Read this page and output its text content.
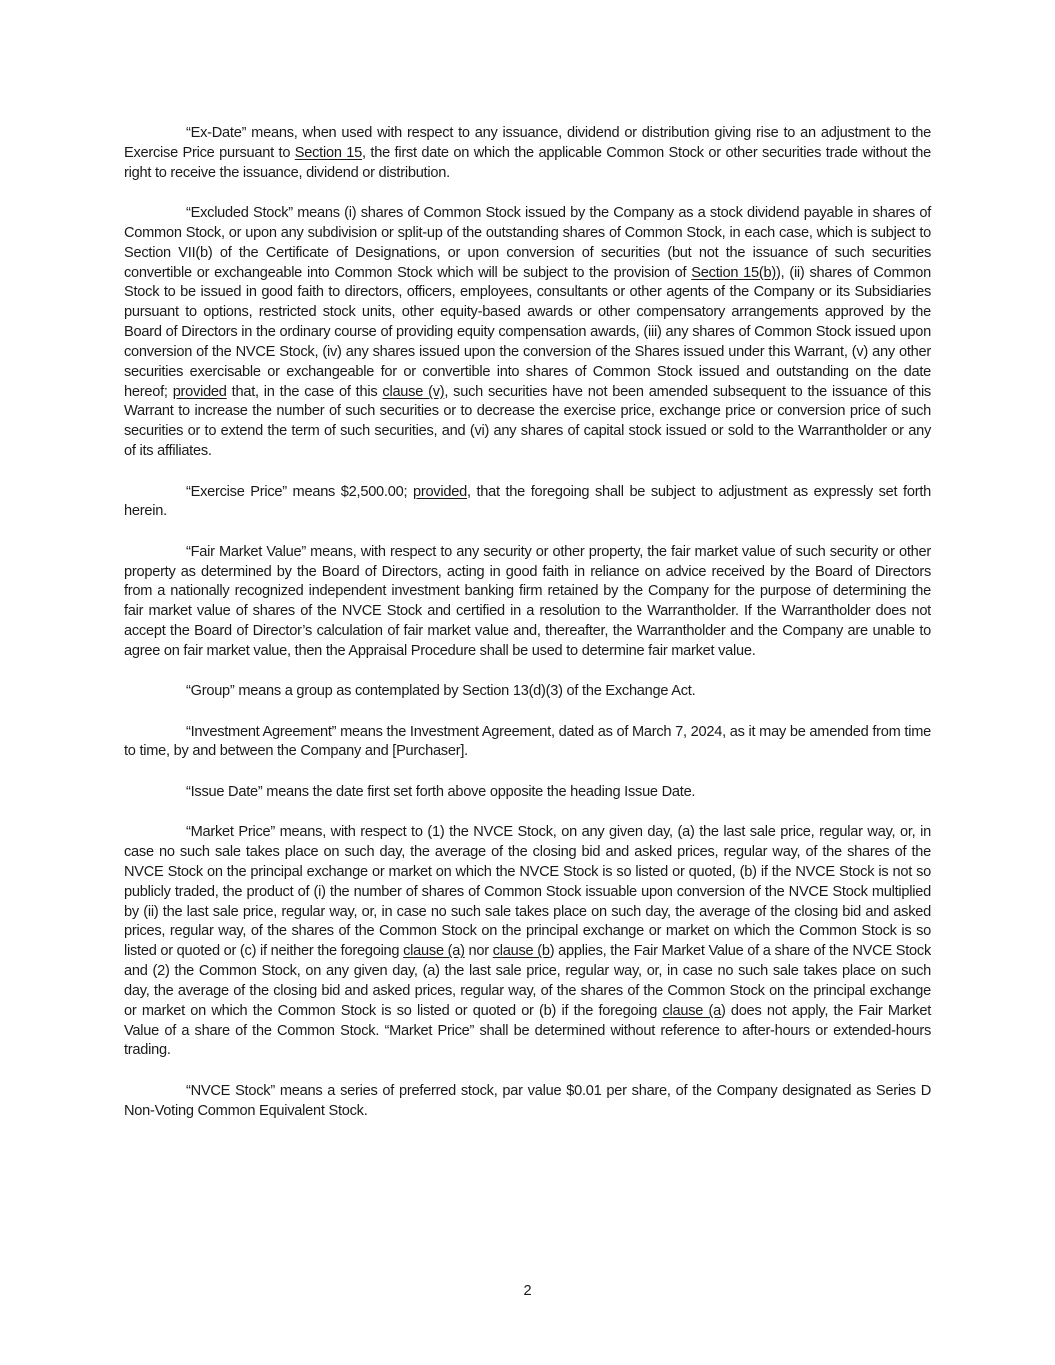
“Ex-Date” means, when used with respect to any issuance, dividend or distribution giving rise to an adjustment to the Exercise Price pursuant to Section 15, the first date on which the applicable Common Stock or other securities trade without the right to receive the issuance, dividend or distribution.

“Excluded Stock” means (i) shares of Common Stock issued by the Company as a stock dividend payable in shares of Common Stock, or upon any subdivision or split-up of the outstanding shares of Common Stock, in each case, which is subject to Section VII(b) of the Certificate of Designations, or upon conversion of securities (but not the issuance of such securities convertible or exchangeable into Common Stock which will be subject to the provision of Section 15(b)), (ii) shares of Common Stock to be issued in good faith to directors, officers, employees, consultants or other agents of the Company or its Subsidiaries pursuant to options, restricted stock units, other equity-based awards or other compensatory arrangements approved by the Board of Directors in the ordinary course of providing equity compensation awards, (iii) any shares of Common Stock issued upon conversion of the NVCE Stock, (iv) any shares issued upon the conversion of the Shares issued under this Warrant, (v) any other securities exercisable or exchangeable for or convertible into shares of Common Stock issued and outstanding on the date hereof; provided that, in the case of this clause (v), such securities have not been amended subsequent to the issuance of this Warrant to increase the number of such securities or to decrease the exercise price, exchange price or conversion price of such securities or to extend the term of such securities, and (vi) any shares of capital stock issued or sold to the Warrantholder or any of its affiliates.

“Exercise Price” means $2,500.00; provided, that the foregoing shall be subject to adjustment as expressly set forth herein.

“Fair Market Value” means, with respect to any security or other property, the fair market value of such security or other property as determined by the Board of Directors, acting in good faith in reliance on advice received by the Board of Directors from a nationally recognized independent investment banking firm retained by the Company for the purpose of determining the fair market value of shares of the NVCE Stock and certified in a resolution to the Warrantholder. If the Warrantholder does not accept the Board of Director’s calculation of fair market value and, thereafter, the Warrantholder and the Company are unable to agree on fair market value, then the Appraisal Procedure shall be used to determine fair market value.

“Group” means a group as contemplated by Section 13(d)(3) of the Exchange Act.

“Investment Agreement” means the Investment Agreement, dated as of March 7, 2024, as it may be amended from time to time, by and between the Company and [Purchaser].

“Issue Date” means the date first set forth above opposite the heading Issue Date.

“Market Price” means, with respect to (1) the NVCE Stock, on any given day, (a) the last sale price, regular way, or, in case no such sale takes place on such day, the average of the closing bid and asked prices, regular way, of the shares of the NVCE Stock on the principal exchange or market on which the NVCE Stock is so listed or quoted, (b) if the NVCE Stock is not so publicly traded, the product of (i) the number of shares of Common Stock issuable upon conversion of the NVCE Stock multiplied by (ii) the last sale price, regular way, or, in case no such sale takes place on such day, the average of the closing bid and asked prices, regular way, of the shares of the Common Stock on the principal exchange or market on which the Common Stock is so listed or quoted or (c) if neither the foregoing clause (a) nor clause (b) applies, the Fair Market Value of a share of the NVCE Stock and (2) the Common Stock, on any given day, (a) the last sale price, regular way, or, in case no such sale takes place on such day, the average of the closing bid and asked prices, regular way, of the shares of the Common Stock on the principal exchange or market on which the Common Stock is so listed or quoted or (b) if the foregoing clause (a) does not apply, the Fair Market Value of a share of the Common Stock. “Market Price” shall be determined without reference to after-hours or extended-hours trading.

“NVCE Stock” means a series of preferred stock, par value $0.01 per share, of the Company designated as Series D Non-Voting Common Equivalent Stock.

2
